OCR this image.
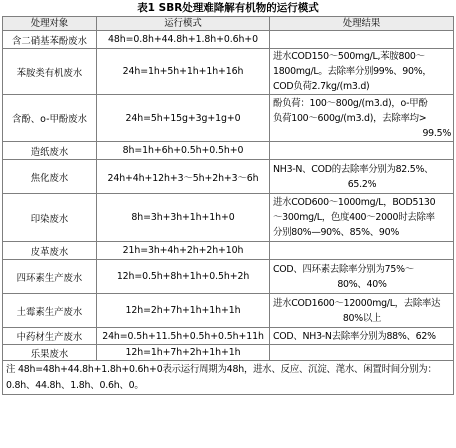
表1 SBR处理难降解有机物的运行模式
处理对象	运行模式	处理结果
含二硝基苯酚废水	48h=0.8h+44.8h+1.8h+0.6h+0	
苯胺类有机废水	24h=1h+5h+1h+1h+16h	进水COD150～500mg/L,苯胺800～
1800mg/L。去除率分别99%、90%，
COD负荷2.7kg/(m3.d)

含酚、o-甲酚废水	24h=5h+15g+3g+1g+0	酚负荷：100～800g/(m3.d)，o-甲酚
负荷100～600g/(m3.d)，去除率均>
99.5%

造纸废水	8h=1h+6h+0.5h+0.5h+0	
焦化废水	24h+4h+12h+3～5h+2h+3～6h	NH3-N、COD的去除率分别为82.5%、
65.2%

印染废水	8h=3h+3h+1h+1h+0	进水COD600～1000mg/L，BOD5130
～300mg/L，色度400～2000时去除率
分别80%—90%、85%、90%

皮革废水	21h=3h+4h+2h+2h+10h	
四环素生产废水	12h=0.5h+8h+1h+0.5h+2h	COD、四环素去除率分别为75%～
80%、40%

土霉素生产废水	12h=2h+7h+1h+1h+1h	进水COD1600～12000mg/L，去除率达
80%以上

中药材生产废水	24h=0.5h+11.5h+0.5h+0.5h+11h	COD、NH3-N去除率分别为88%、62%

乐果废水	12h=1h+7h+2h+1h+1h	

注 48h=48h+44.8h+1.8h+0.6h+0表示运行周期为48h，进水、反应、沉淀、滗水、闲置时间分别为：
0.8h、44.8h、1.8h、0.6h、0。		
